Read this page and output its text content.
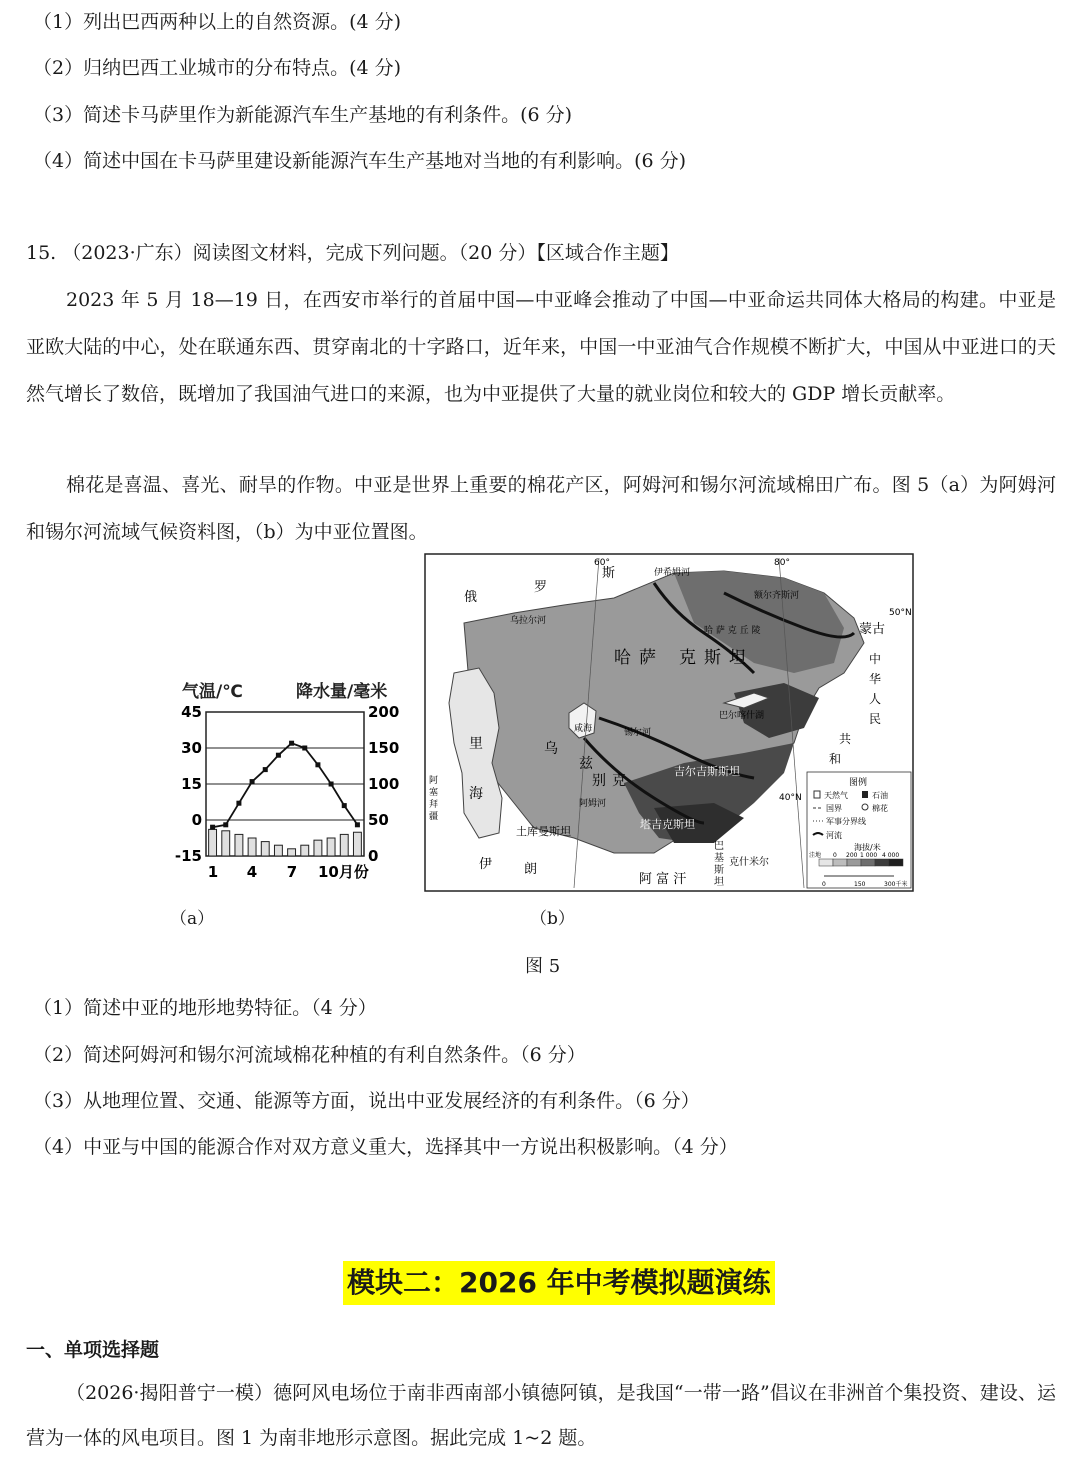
（1）列出巴西两种以上的自然资源。(4 分)
（2）归纳巴西工业城市的分布特点。(4 分)
（3）简述卡马萨里作为新能源汽车生产基地的有利条件。(6 分)
（4）简述中国在卡马萨里建设新能源汽车生产基地对当地的有利影响。(6 分)
15. （2023·广东）阅读图文材料，完成下列问题。（20 分）【区域合作主题】
2023 年 5 月 18—19 日，在西安市举行的首届中国—中亚峰会推动了中国—中亚命运共同体大格局的构建。中亚是亚欧大陆的中心，处在联通东西、贯穿南北的十字路口，近年来，中国一中亚油气合作规模不断扩大，中国从中亚进口的天然气增长了数倍，既增加了我国油气进口的来源，也为中亚提供了大量的就业岗位和较大的 GDP 增长贡献率。
棉花是喜温、喜光、耐旱的作物。中亚是世界上重要的棉花产区，阿姆河和锡尔河流域棉田广布。图 5（a）为阿姆河和锡尔河流域气候资料图，（b）为中亚位置图。
气温/℃	降水量/毫米
45
30
15
0
-15
200
150
100
50
0
1 4 7 10月份
60°	80°
50°N
40°N
俄
罗
斯
哈 萨 克 斯 坦
里
海
乌
兹
别 克
土库曼斯坦
吉尔吉斯斯坦
塔吉克斯坦
伊 朗
阿 富 汗
蒙古
中
华
人
民
共
和
巴
基
斯
坦
克什米尔
阿
塞
拜
疆
阿姆河
锡尔河
乌拉尔河
额尔齐斯河
伊希姆河
咸海
巴尔喀什湖
哈 萨 克 丘 陵
图例
天然气	石油
国界	棉花
军事分界线
河流
海拔/米
洼地 0 200 1 000 4 000
0	150	300千米
（a）	（b）
图 5
（1）简述中亚的地形地势特征。（4 分）
（2）简述阿姆河和锡尔河流域棉花种植的有利自然条件。（6 分）
（3）从地理位置、交通、能源等方面，说出中亚发展经济的有利条件。（6 分）
（4）中亚与中国的能源合作对双方意义重大，选择其中一方说出积极影响。（4 分）
模块二：2026 年中考模拟题演练
一、单项选择题
（2026·揭阳普宁一模）德阿风电场位于南非西南部小镇德阿镇，是我国“一带一路”倡议在非洲首个集投资、建设、运营为一体的风电项目。图 1 为南非地形示意图。据此完成 1~2 题。
